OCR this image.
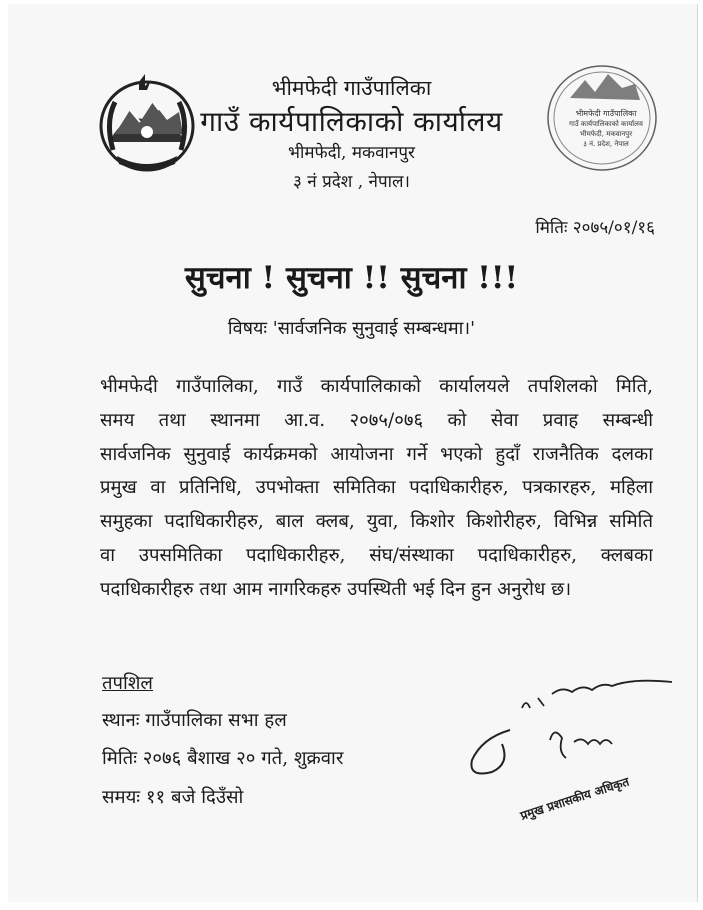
भीमफेदी गाउँपालिका
गाउँ कार्यपालिकाको कार्यालय
भीमफेदी, मकवानपुर
३ नं. प्रदेश, नेपाल
भीमफेदी गाउँपालिका
गाउँ कार्यपालिकाको कार्यालय
भीमफेदी, मकवानपुर
३ नं प्रदेश , नेपाल।
मितिः २०७५/०१/१६
सुचना ! सुचना !! सुचना !!!
विषयः 'सार्वजनिक सुनुवाई सम्बन्धमा।'
भीमफेदी गाउँपालिका, गाउँ कार्यपालिकाको कार्यालयले तपशिलको मिति,
समय तथा स्थानमा आ.व. २०७५/०७६ को सेवा प्रवाह सम्बन्धी
सार्वजनिक सुनुवाई कार्यक्रमको आयोजना गर्ने भएको हुदाँ राजनैतिक दलका
प्रमुख वा प्रतिनिधि, उपभोक्ता समितिका पदाधिकारीहरु, पत्रकारहरु, महिला
समुहका पदाधिकारीहरु, बाल क्लब, युवा, किशोर किशोरीहरु, विभिन्न समिति
वा उपसमितिका पदाधिकारीहरु, संघ/संस्थाका पदाधिकारीहरु, क्लबका
पदाधिकारीहरु तथा आम नागरिकहरु उपस्थिती भई दिन हुन अनुरोध छ।
तपशिल
स्थानः गाउँपालिका सभा हल
मितिः २०७६ बैशाख २० गते, शुक्रवार
समयः ११ बजे दिउँसो	प्रमुख प्रशासकीय अधिकृत
